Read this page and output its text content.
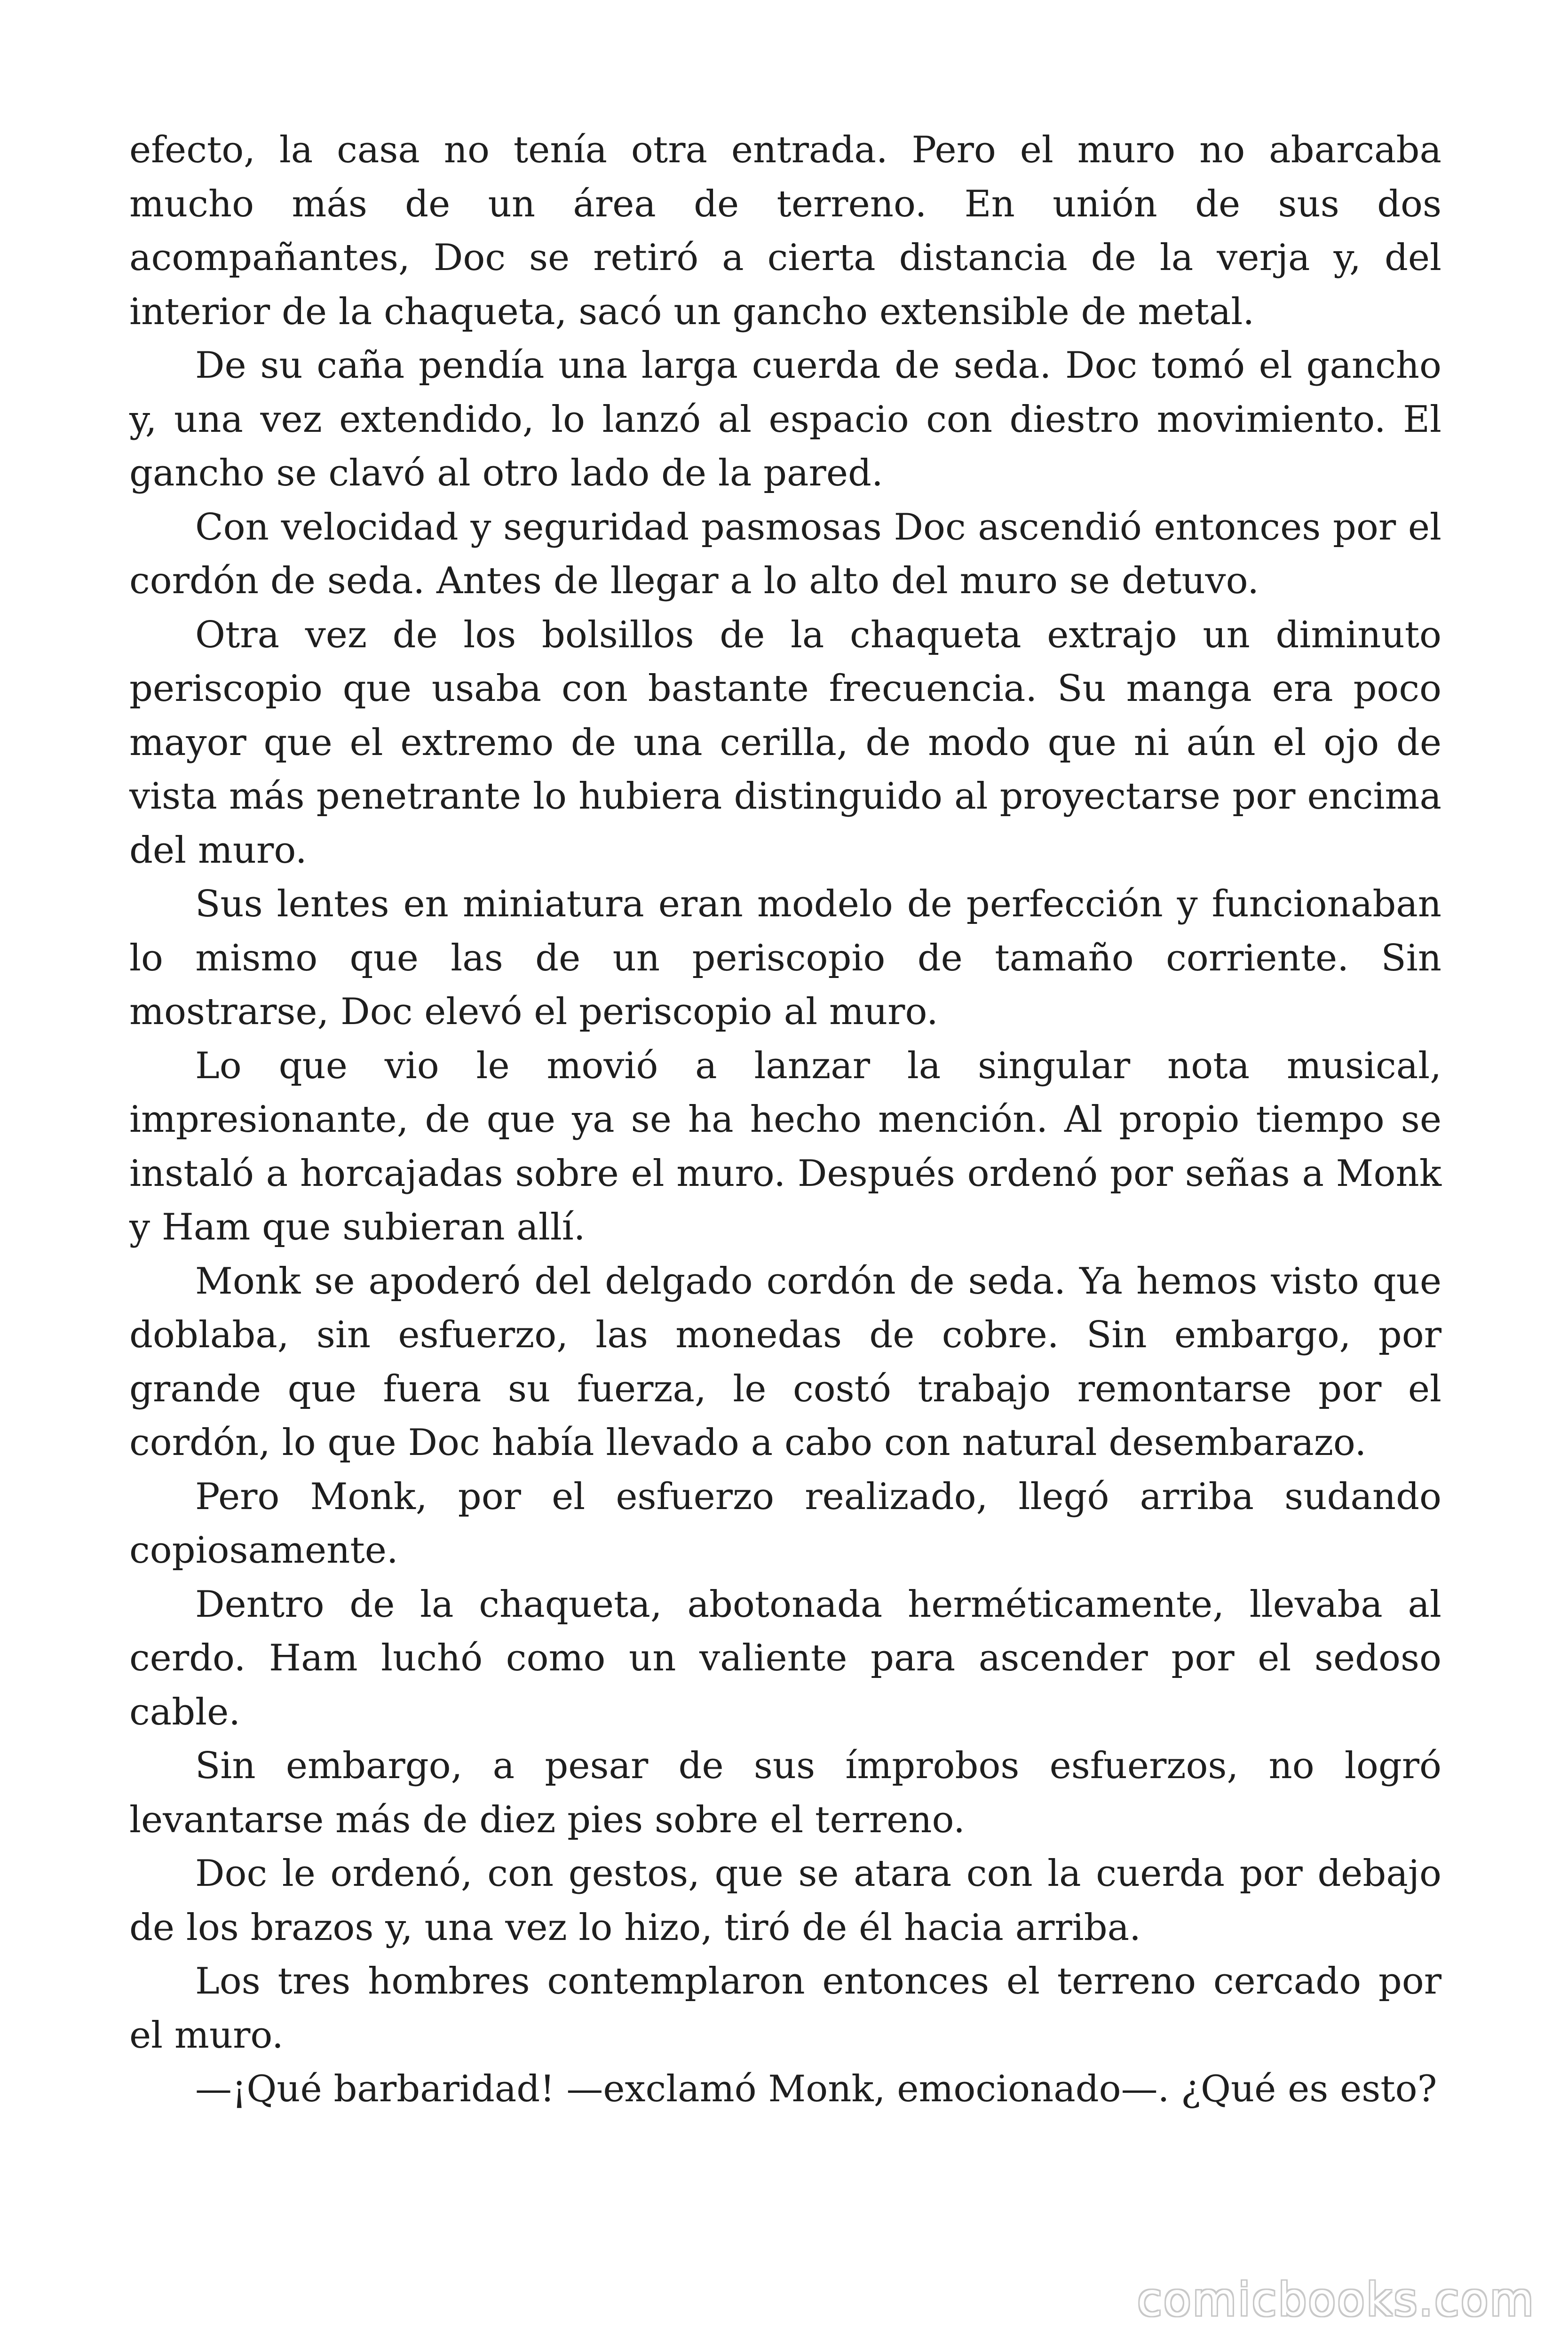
efecto, la casa no tenía otra entrada. Pero el muro no abarcaba mucho más de un área de terreno. En unión de sus dos acompañantes, Doc se retiró a cierta distancia de la verja y, del interior de la chaqueta, sacó un gancho extensible de metal.

De su caña pendía una larga cuerda de seda. Doc tomó el gancho y, una vez extendido, lo lanzó al espacio con diestro movimiento. El gancho se clavó al otro lado de la pared.

Con velocidad y seguridad pasmosas Doc ascendió entonces por el cordón de seda. Antes de llegar a lo alto del muro se detuvo.

Otra vez de los bolsillos de la chaqueta extrajo un diminuto periscopio que usaba con bastante frecuencia. Su manga era poco mayor que el extremo de una cerilla, de modo que ni aún el ojo de vista más penetrante lo hubiera distinguido al proyectarse por encima del muro.

Sus lentes en miniatura eran modelo de perfección y funcionaban lo mismo que las de un periscopio de tamaño corriente. Sin mostrarse, Doc elevó el periscopio al muro.

Lo que vio le movió a lanzar la singular nota musical, impresionante, de que ya se ha hecho mención. Al propio tiempo se instaló a horcajadas sobre el muro. Después ordenó por señas a Monk y Ham que subieran allí.

Monk se apoderó del delgado cordón de seda. Ya hemos visto que doblaba, sin esfuerzo, las monedas de cobre. Sin embargo, por grande que fuera su fuerza, le costó trabajo remontarse por el cordón, lo que Doc había llevado a cabo con natural desembarazo.

Pero Monk, por el esfuerzo realizado, llegó arriba sudando copiosamente.

Dentro de la chaqueta, abotonada herméticamente, llevaba al cerdo. Ham luchó como un valiente para ascender por el sedoso cable.

Sin embargo, a pesar de sus ímprobos esfuerzos, no logró levantarse más de diez pies sobre el terreno.

Doc le ordenó, con gestos, que se atara con la cuerda por debajo de los brazos y, una vez lo hizo, tiró de él hacia arriba.

Los tres hombres contemplaron entonces el terreno cercado por el muro.

—¡Qué barbaridad! —exclamó Monk, emocionado—. ¿Qué es esto?

comicbooks.com
